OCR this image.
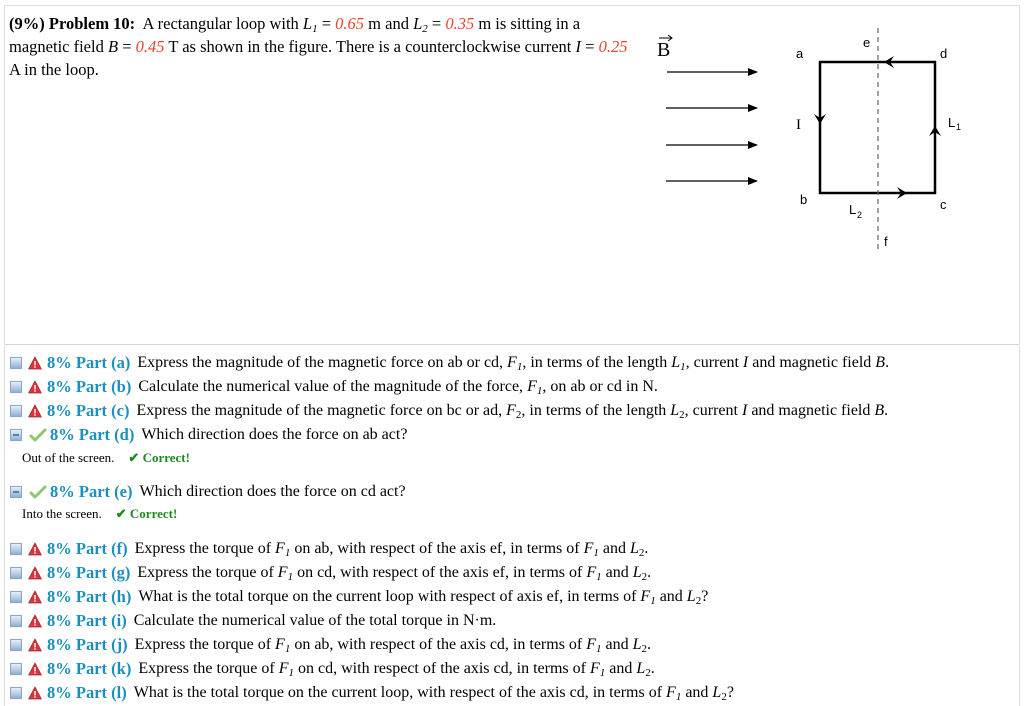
(9%) Problem 10: A rectangular loop with $L_1 = 0.65$ m and $L_2 = 0.35$ m is sitting in a magnetic field B = 0.45 T as shown in the figure. There is a counterclockwise current I = 0.25 A in the loop.
B	a	d
b	c
e
f
L 2
L 1
I
8% Part (a) Express the magnitude of the magnetic force on ab or cd, $F_1$, in terms of the length $L_1$, current I and magnetic field B.
8% Part (b) Calculate the numerical value of the magnitude of the force, $F_1$, on ab or cd in N.
8% Part (c) Express the magnitude of the magnetic force on bc or ad, $F_2$, in terms of the length $L_2$, current I and magnetic field B.
8% Part (d) Which direction does the force on ab act?
Out of the screen. ✔ Correct!
8% Part (e) Which direction does the force on cd act?
Into the screen. ✔ Correct!
8% Part (f) Express the torque of $F_1$ on ab, with respect of the axis ef, in terms of $F_1$ and $L_2$.
8% Part (g) Express the torque of $F_1$ on cd, with respect of the axis ef, in terms of $F_1$ and $L_2$.
8% Part (h) What is the total torque on the current loop with respect of axis ef, in terms of $F_1$ and $L_2$?
8% Part (i) Calculate the numerical value of the total torque in N·m.
8% Part (j) Express the torque of $F_1$ on ab, with respect of the axis cd, in terms of $F_1$ and $L_2$.
8% Part (k) Express the torque of $F_1$ on cd, with respect of the axis cd, in terms of $F_1$ and $L_2$.
8% Part (l) What is the total torque on the current loop, with respect of the axis cd, in terms of $F_1$ and $L_2$?
